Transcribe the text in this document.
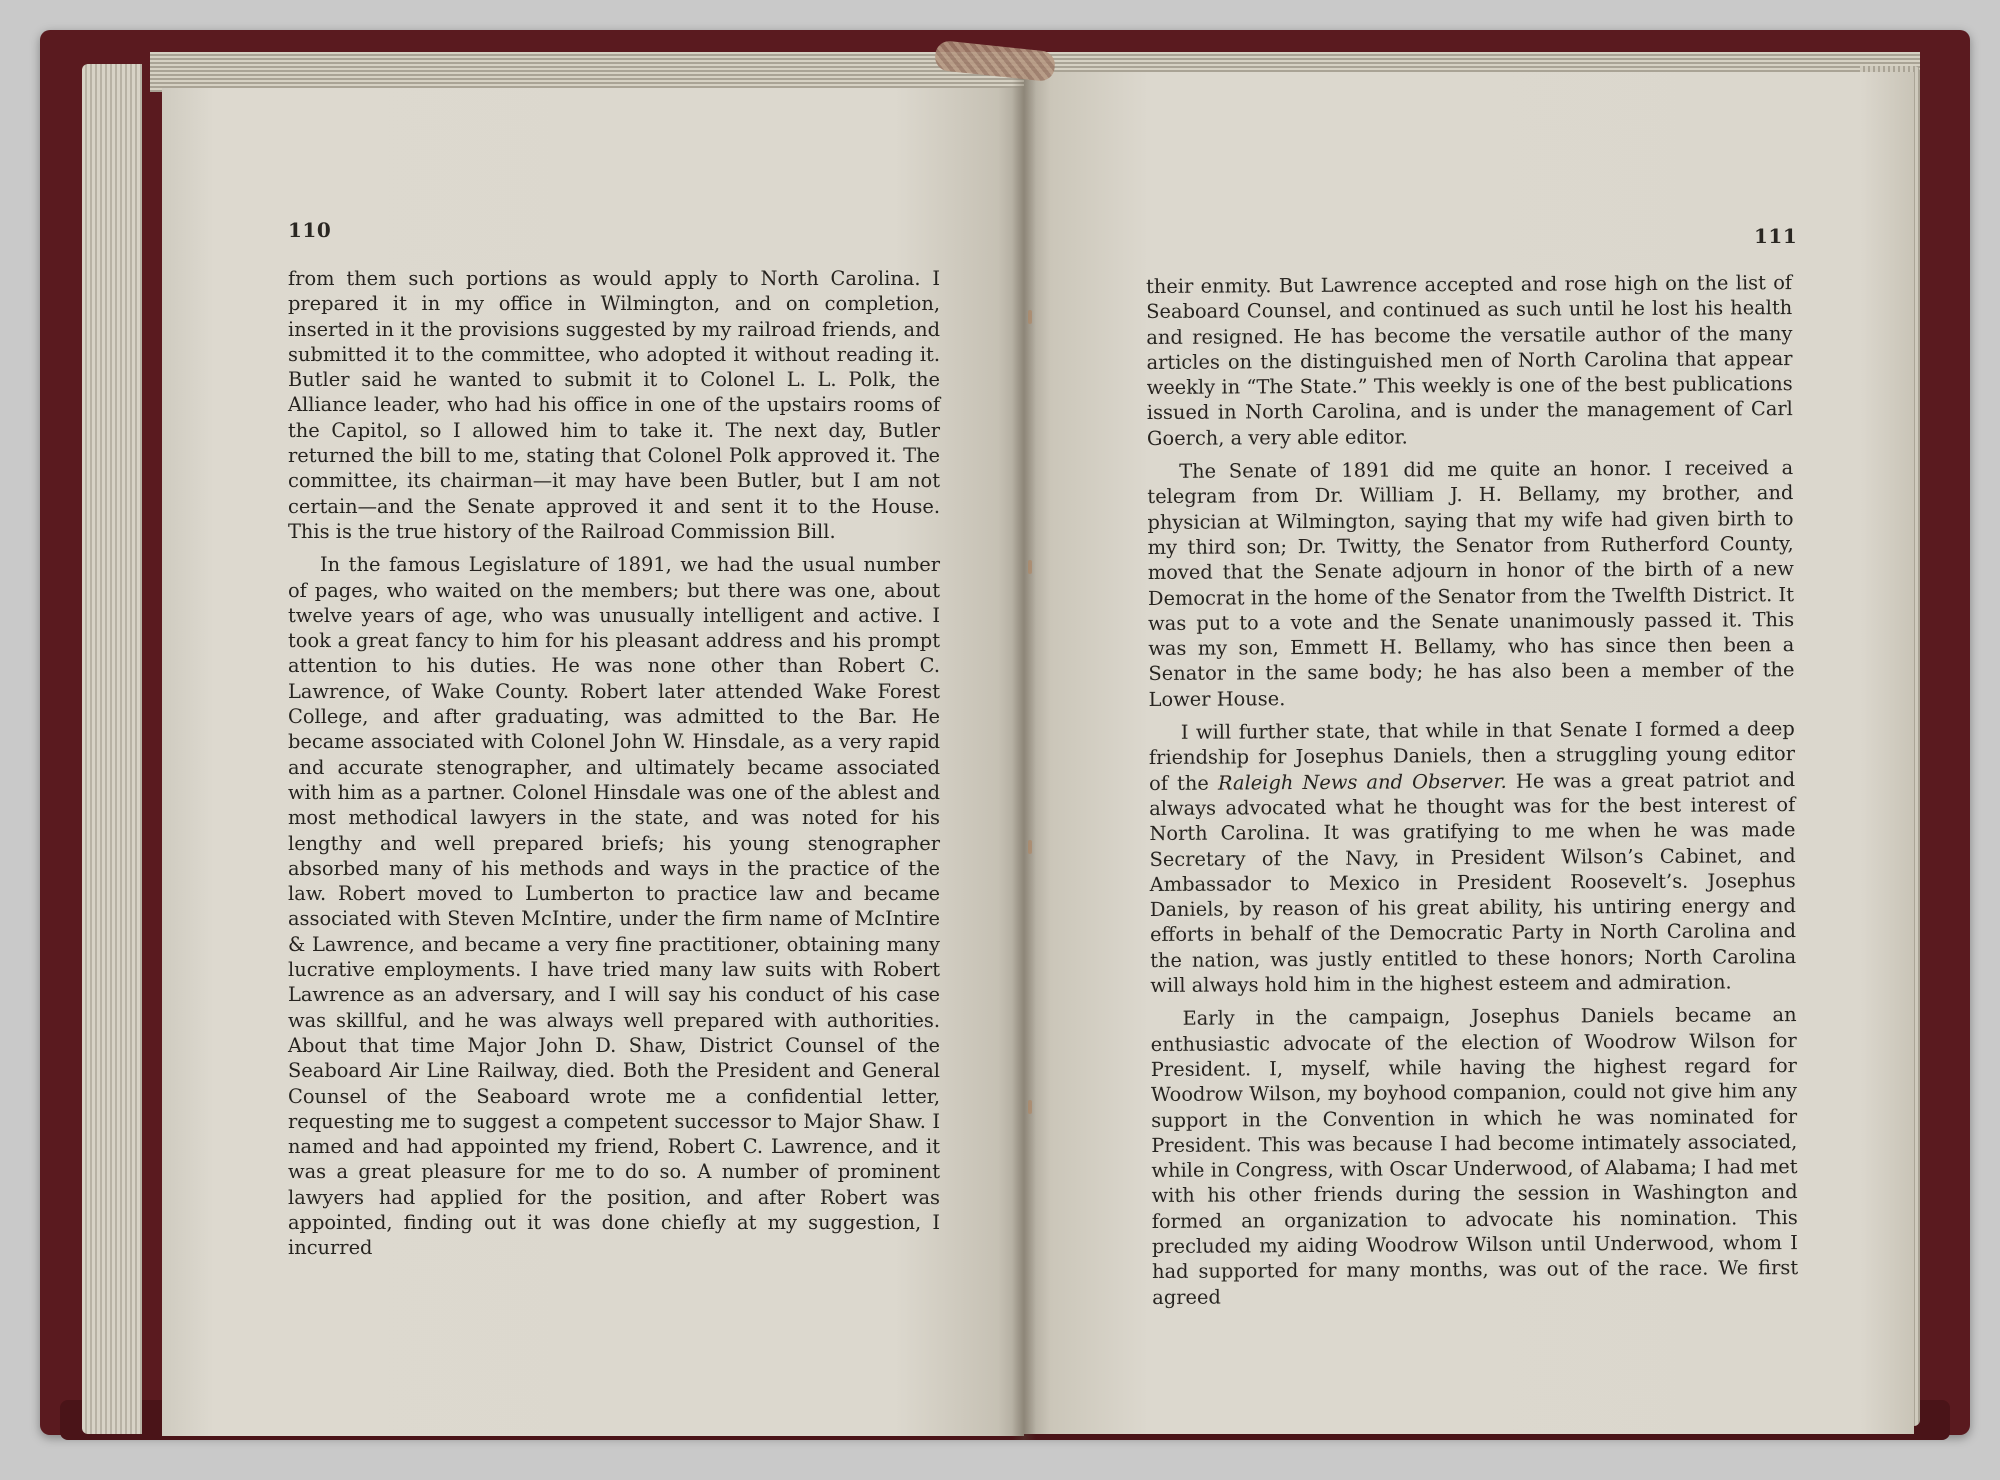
110	111

from them such portions as would apply to North Carolina. I prepared it in my office in Wilmington, and on completion, inserted in it the provisions suggested by my railroad friends, and submitted it to the committee, who adopted it without reading it. Butler said he wanted to submit it to Colonel L. L. Polk, the Alliance leader, who had his office in one of the upstairs rooms of the Capitol, so I allowed him to take it. The next day, Butler returned the bill to me, stating that Colonel Polk approved it. The committee, its chairman—it may have been Butler, but I am not certain—and the Senate approved it and sent it to the House. This is the true history of the Railroad Commission Bill.

In the famous Legislature of 1891, we had the usual number of pages, who waited on the members; but there was one, about twelve years of age, who was unusually intelligent and active. I took a great fancy to him for his pleasant address and his prompt attention to his duties. He was none other than Robert C. Lawrence, of Wake County. Robert later attended Wake Forest College, and after graduating, was admitted to the Bar. He became associated with Colonel John W. Hinsdale, as a very rapid and accurate stenographer, and ultimately became associated with him as a partner. Colonel Hinsdale was one of the ablest and most methodical lawyers in the state, and was noted for his lengthy and well prepared briefs; his young stenographer absorbed many of his methods and ways in the practice of the law. Robert moved to Lumberton to practice law and became associated with Steven McIntire, under the firm name of McIntire & Lawrence, and became a very fine practitioner, obtaining many lucrative employments. I have tried many law suits with Robert Lawrence as an adversary, and I will say his conduct of his case was skillful, and he was always well prepared with authorities. About that time Major John D. Shaw, District Counsel of the Seaboard Air Line Railway, died. Both the President and General Counsel of the Seaboard wrote me a confidential letter, requesting me to suggest a competent successor to Major Shaw. I named and had appointed my friend, Robert C. Lawrence, and it was a great pleasure for me to do so. A number of prominent lawyers had applied for the position, and after Robert was appointed, finding out it was done chiefly at my suggestion, I incurred

their enmity. But Lawrence accepted and rose high on the list of Seaboard Counsel, and continued as such until he lost his health and resigned. He has become the versatile author of the many articles on the distinguished men of North Carolina that appear weekly in “The State.” This weekly is one of the best publications issued in North Carolina, and is under the management of Carl Goerch, a very able editor.

The Senate of 1891 did me quite an honor. I received a telegram from Dr. William J. H. Bellamy, my brother, and physician at Wilmington, saying that my wife had given birth to my third son; Dr. Twitty, the Senator from Rutherford County, moved that the Senate adjourn in honor of the birth of a new Democrat in the home of the Senator from the Twelfth District. It was put to a vote and the Senate unanimously passed it. This was my son, Emmett H. Bellamy, who has since then been a Senator in the same body; he has also been a member of the Lower House.

I will further state, that while in that Senate I formed a deep friendship for Josephus Daniels, then a struggling young editor of the Raleigh News and Observer. He was a great patriot and always advocated what he thought was for the best interest of North Carolina. It was gratifying to me when he was made Secretary of the Navy, in President Wilson’s Cabinet, and Ambassador to Mexico in President Roosevelt’s. Josephus Daniels, by reason of his great ability, his untiring energy and efforts in behalf of the Democratic Party in North Carolina and the nation, was justly entitled to these honors; North Carolina will always hold him in the highest esteem and admiration.

Early in the campaign, Josephus Daniels became an enthusiastic advocate of the election of Woodrow Wilson for President. I, myself, while having the highest regard for Woodrow Wilson, my boyhood companion, could not give him any support in the Convention in which he was nominated for President. This was because I had become intimately associated, while in Congress, with Oscar Underwood, of Alabama; I had met with his other friends during the session in Washington and formed an organization to advocate his nomination. This precluded my aiding Woodrow Wilson until Underwood, whom I had supported for many months, was out of the race. We first agreed
